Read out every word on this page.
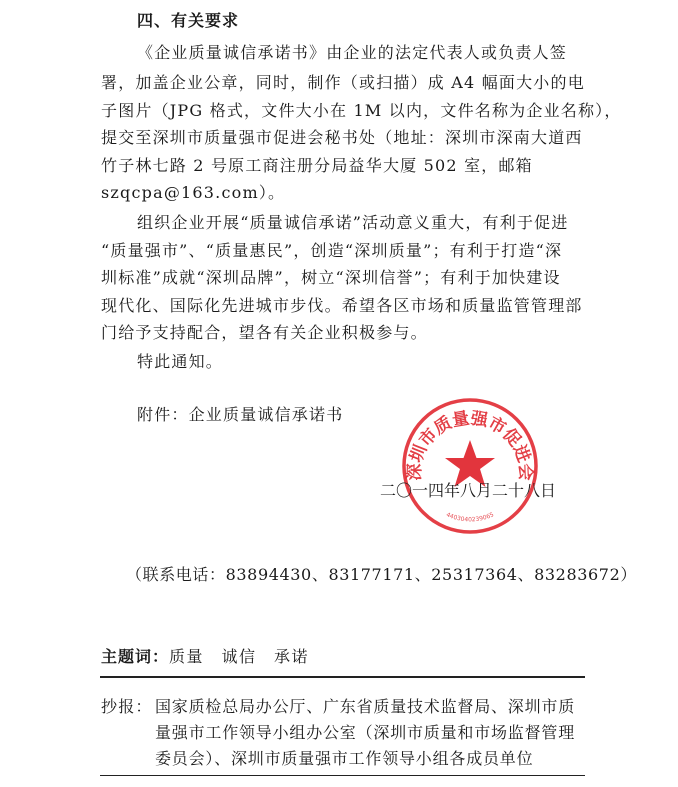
四、有关要求
《企业质量诚信承诺书》由企业的法定代表人或负责人签
署，加盖企业公章，同时，制作（或扫描）成 A4 幅面大小的电
子图片（JPG 格式，文件大小在 1M 以内，文件名称为企业名称），
提交至深圳市质量强市促进会秘书处（地址：深圳市深南大道西
竹子林七路 2 号原工商注册分局益华大厦 502 室，邮箱
szqcpa@163.com）。
组织企业开展“质量诚信承诺”活动意义重大，有利于促进
“质量强市”、“质量惠民”，创造“深圳质量”；有利于打造“深
圳标准”成就“深圳品牌”，树立“深圳信誉”；有利于加快建设
现代化、国际化先进城市步伐。希望各区市场和质量监管管理部
门给予支持配合，望各有关企业积极参与。
特此通知。
附件：企业质量诚信承诺书
深圳市质量强市促进会
4403040239065
二〇一四年八月二十八日
（联系电话：83894430、83177171、25317364、83283672）
主题词：质量　诚信　承诺
抄报： 国家质检总局办公厅、广东省质量技术监督局、深圳市质
量强市工作领导小组办公室（深圳市质量和市场监督管理
委员会）、深圳市质量强市工作领导小组各成员单位
